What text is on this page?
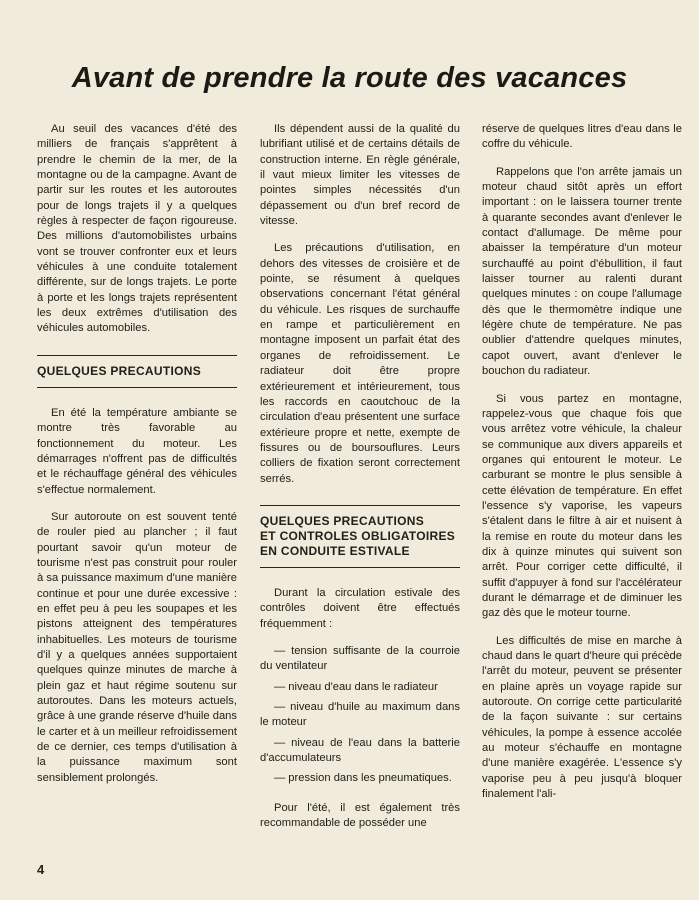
Avant de prendre la route des vacances

Au seuil des vacances d'été des milliers de français s'apprêtent à prendre le chemin de la mer, de la montagne ou de la campagne. Avant de partir sur les routes et les autoroutes pour de longs trajets il y a quelques règles à respecter de façon rigoureuse. Des millions d'automobilistes urbains vont se trouver confronter eux et leurs véhicules à une conduite totalement différente, sur de longs trajets. Le porte à porte et les longs trajets représentent les deux extrêmes d'utilisation des véhicules automobiles.

QUELQUES PRECAUTIONS

En été la température ambiante se montre très favorable au fonctionnement du moteur. Les démarrages n'offrent pas de difficultés et le réchauffage général des véhicules s'effectue normalement.

Sur autoroute on est souvent tenté de rouler pied au plancher ; il faut pourtant savoir qu'un moteur de tourisme n'est pas construit pour rouler à sa puissance maximum d'une manière continue et pour une durée excessive : en effet peu à peu les soupapes et les pistons atteignent des températures inhabituelles. Les moteurs de tourisme d'il y a quelques années supportaient quelques quinze minutes de marche à plein gaz et haut régime soutenu sur autoroutes. Dans les moteurs actuels, grâce à une grande réserve d'huile dans le carter et à un meilleur refroidissement de ce dernier, ces temps d'utilisation à la puissance maximum sont sensiblement prolongés.

Ils dépendent aussi de la qualité du lubrifiant utilisé et de certains détails de construction interne. En règle générale, il vaut mieux limiter les vitesses de pointes simples nécessités d'un dépassement ou d'un bref record de vitesse.

Les précautions d'utilisation, en dehors des vitesses de croisière et de pointe, se résument à quelques observations concernant l'état général du véhicule. Les risques de surchauffe en rampe et particulièrement en montagne imposent un parfait état des organes de refroidissement. Le radiateur doit être propre extérieurement et intérieurement, tous les raccords en caoutchouc de la circulation d'eau présentent une surface extérieure propre et nette, exempte de fissures ou de boursouflures. Leurs colliers de fixation seront correctement serrés.

QUELQUES PRECAUTIONS
ET CONTROLES OBLIGATOIRES
EN CONDUITE ESTIVALE

Durant la circulation estivale des contrôles doivent être effectués fréquemment :

— tension suffisante de la courroie du ventilateur

— niveau d'eau dans le radiateur

— niveau d'huile au maximum dans le moteur

— niveau de l'eau dans la batterie d'accumulateurs

— pression dans les pneumatiques.

Pour l'été, il est également très recommandable de posséder une

réserve de quelques litres d'eau dans le coffre du véhicule.

Rappelons que l'on arrête jamais un moteur chaud sitôt après un effort important : on le laissera tourner trente à quarante secondes avant d'enlever le contact d'allumage. De même pour abaisser la température d'un moteur surchauffé au point d'ébullition, il faut laisser tourner au ralenti durant quelques minutes : on coupe l'allumage dès que le thermomètre indique une légère chute de température. Ne pas oublier d'attendre quelques minutes, capot ouvert, avant d'enlever le bouchon du radiateur.

Si vous partez en montagne, rappelez-vous que chaque fois que vous arrêtez votre véhicule, la chaleur se communique aux divers appareils et organes qui entourent le moteur. Le carburant se montre le plus sensible à cette élévation de température. En effet l'essence s'y vaporise, les vapeurs s'étalent dans le filtre à air et nuisent à la remise en route du moteur dans les dix à quinze minutes qui suivent son arrêt. Pour corriger cette difficulté, il suffit d'appuyer à fond sur l'accélérateur durant le démarrage et de diminuer les gaz dès que le moteur tourne.

Les difficultés de mise en marche à chaud dans le quart d'heure qui précède l'arrêt du moteur, peuvent se présenter en plaine après un voyage rapide sur autoroute. On corrige cette particularité de la façon suivante : sur certains véhicules, la pompe à essence accolée au moteur s'échauffe en montagne d'une manière exagérée. L'essence s'y vaporise peu à peu jusqu'à bloquer finalement l'ali-

4
